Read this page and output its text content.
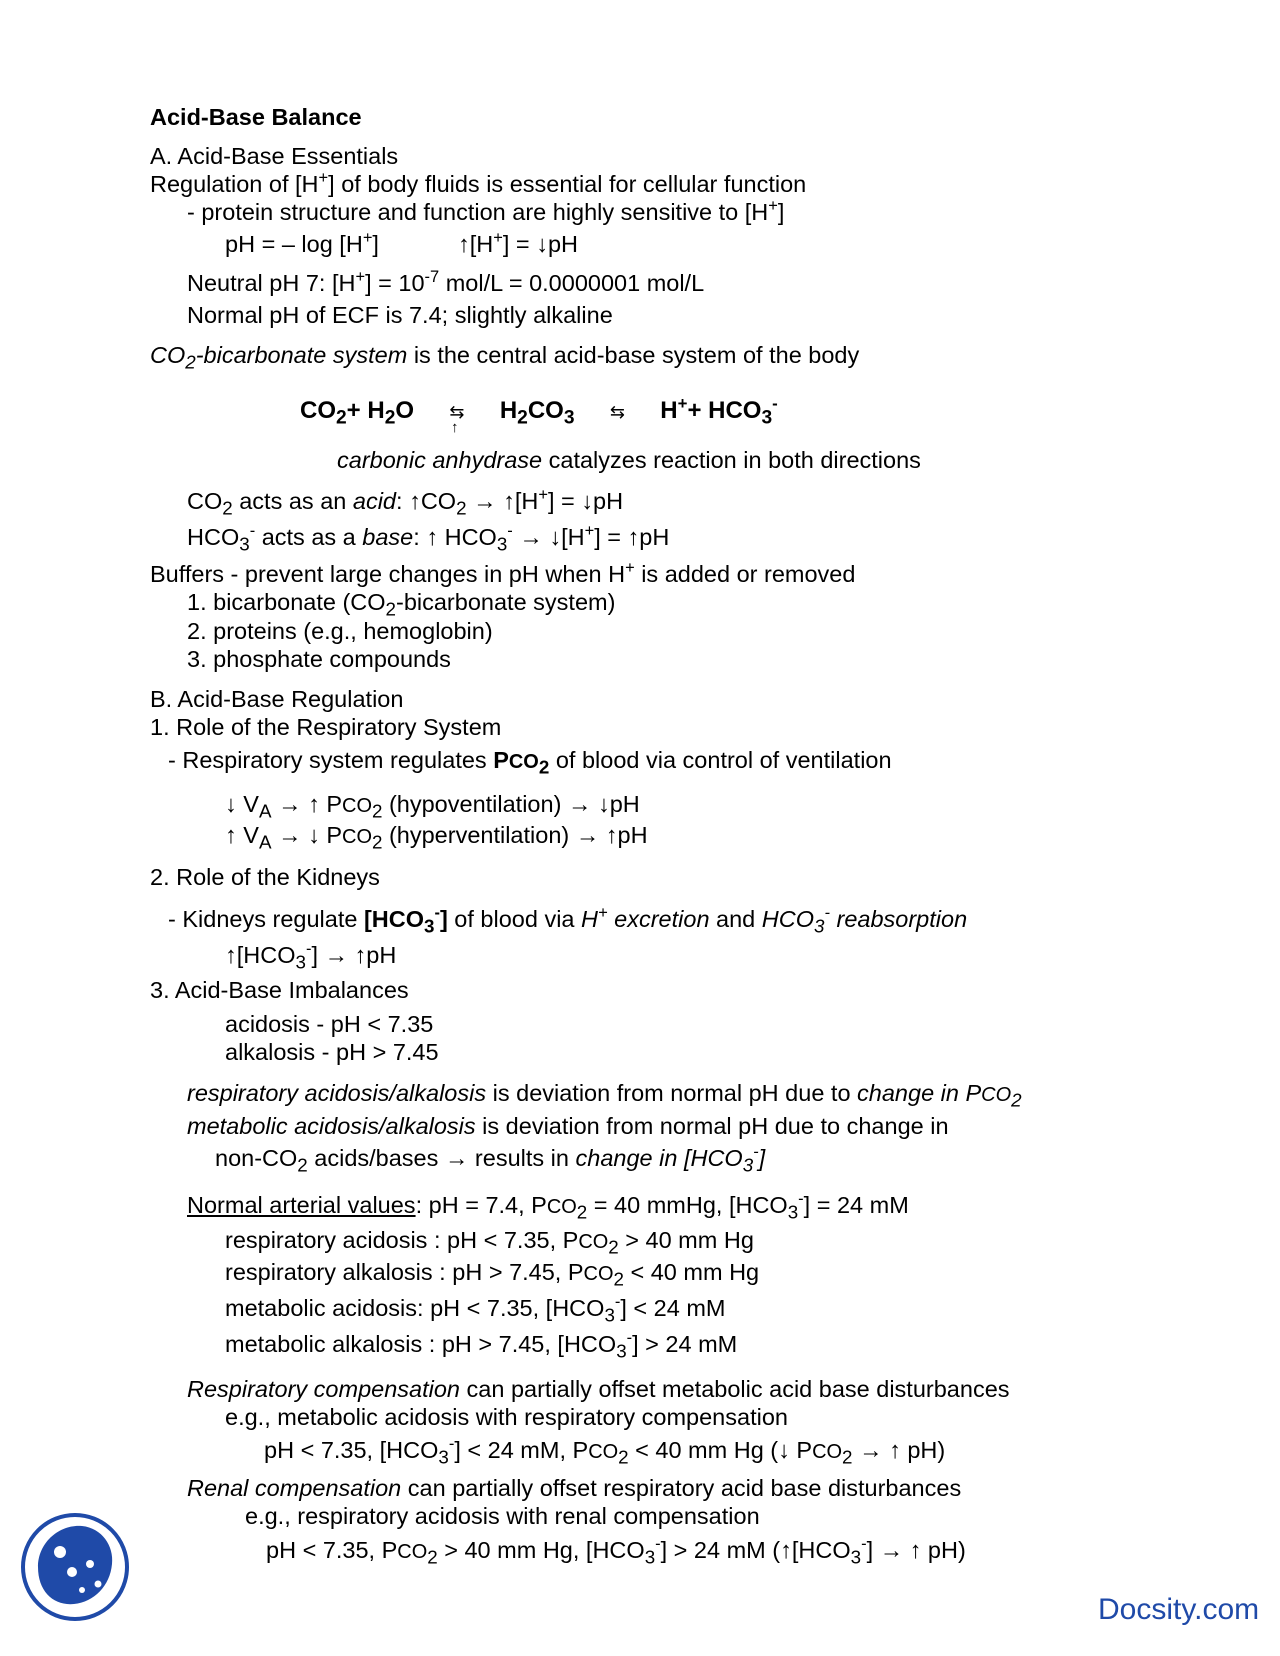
Acid-Base Balance
A. Acid-Base Essentials
Regulation of [H+] of body fluids is essential for cellular function
- protein structure and function are highly sensitive to [H+]
pH = – log [H+]	↑[H+] = ↓pH
Neutral pH 7: $[H^+] = 10^{-7}$ mol/L = 0.0000001 mol/L
Normal pH of ECF is 7.4; slightly alkaline
$CO_2$-bicarbonate system is the central acid-base system of the body
$CO_2+ H_2O$ ⇆ $H_2CO_3$ ⇆ $H^++ HCO_3^-$
↑
carbonic anhydrase catalyzes reaction in both directions
$CO_2$ acts as an acid: $↑CO_2$ → ↑[H+] = ↓pH
$HCO_3^-$ acts as a base: ↑ $HCO_3^-$ → ↓[H+] = ↑pH
Buffers - prevent large changes in pH when H+ is added or removed
1. bicarbonate ($CO_2$-bicarbonate system)
2. proteins (e.g., hemoglobin)
3. phosphate compounds
B. Acid-Base Regulation
1. Role of the Respiratory System
- Respiratory system regulates $PCO_2$ of blood via control of ventilation
↓ $V_A$ → ↑ $PCO_2$ (hypoventilation) → ↓pH
↑ $V_A$ → ↓ $PCO_2$ (hyperventilation) → ↑pH
2. Role of the Kidneys
- Kidneys regulate $[HCO_3^-]$ of blood via H+ excretion and $HCO_3^-$ reabsorption
$↑[HCO_3^-]$ → ↑pH
3. Acid-Base Imbalances
acidosis - pH < 7.35
alkalosis - pH > 7.45
respiratory acidosis/alkalosis is deviation from normal pH due to change in $PCO_2$
metabolic acidosis/alkalosis is deviation from normal pH due to change in
non-$CO_2$ acids/bases → results in change in $[HCO_3^-]$
Normal arterial values: pH = 7.4, $PCO_2 = 40$ mmHg, $[HCO_3^-] = 24$ mM
respiratory acidosis : pH < 7.35, $PCO_2 > 40$ mm Hg
respiratory alkalosis : pH > 7.45, $PCO_2 < 40$ mm Hg
metabolic acidosis: pH < 7.35, $[HCO_3^-] < 24$ mM
metabolic alkalosis : pH > 7.45, $[HCO_3^-] > 24$ mM
Respiratory compensation can partially offset metabolic acid base disturbances
e.g., metabolic acidosis with respiratory compensation
pH < 7.35, $[HCO_3^-] < 24$ mM, $PCO_2 < 40$ mm Hg (↓ $PCO_2$ → ↑ pH)
Renal compensation can partially offset respiratory acid base disturbances
e.g., respiratory acidosis with renal compensation
pH < 7.35, $PCO_2 > 40$ mm Hg, $[HCO_3^-] > 24$ mM ($↑[HCO_3^-]$ → ↑ pH)
Docsity.com
